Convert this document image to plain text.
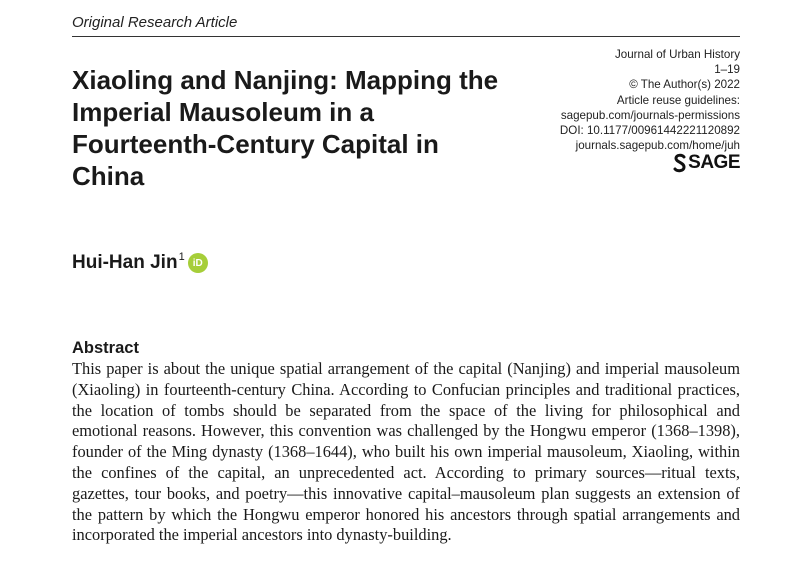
Original Research Article
Xiaoling and Nanjing: Mapping the Imperial Mausoleum in a Fourteenth-Century Capital in China
Journal of Urban History
1–19
© The Author(s) 2022
Article reuse guidelines:
sagepub.com/journals-permissions
DOI: 10.1177/00961442221120892
journals.sagepub.com/home/juh
SAGE
Hui-Han Jin$^1$ iD
Abstract

This paper is about the unique spatial arrangement of the capital (Nanjing) and imperial mausoleum (Xiaoling) in fourteenth-century China. According to Confucian principles and traditional practices, the location of tombs should be separated from the space of the living for philosophical and emotional reasons. However, this convention was challenged by the Hongwu emperor (1368–1398), founder of the Ming dynasty (1368–1644), who built his own imperial mausoleum, Xiaoling, within the confines of the capital, an unprecedented act. According to primary sources—ritual texts, gazettes, tour books, and poetry—this innovative capital–mausoleum plan suggests an extension of the pattern by which the Hongwu emperor honored his ancestors through spatial arrangements and incorporated the imperial ancestors into dynasty-building.
